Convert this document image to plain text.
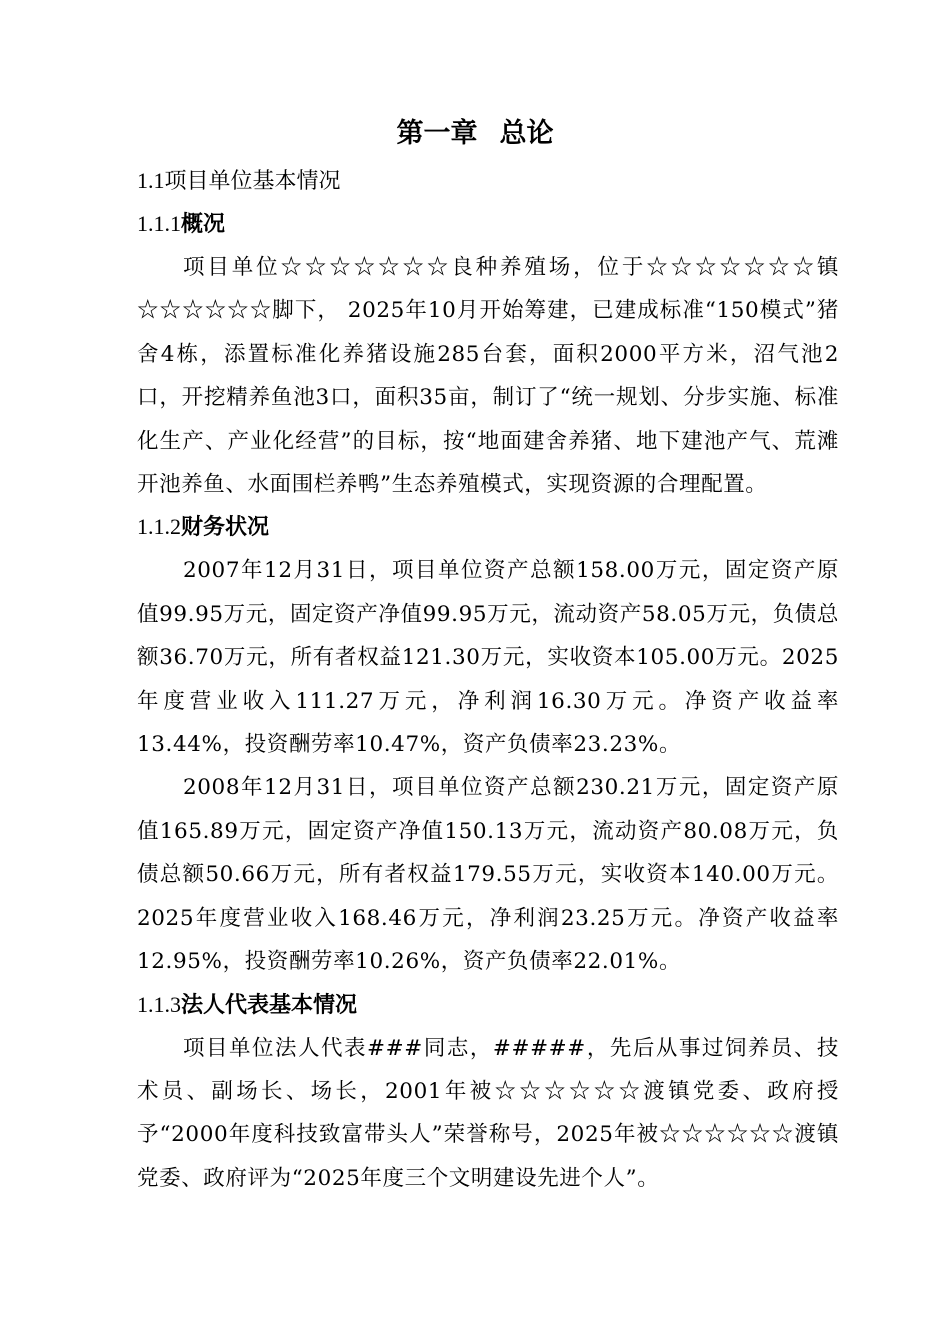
第一章 总论
1.1项目单位基本情况
1.1.1概况

项目单位☆☆☆☆☆☆☆良种养殖场，位于☆☆☆☆☆☆☆镇☆☆☆☆☆☆脚下， 2025年10月开始筹建，已建成标准“150模式”猪舍4栋，添置标准化养猪设施285台套，面积2000平方米，沼气池2口，开挖精养鱼池3口，面积35亩，制订了“统一规划、分步实施、标准化生产、产业化经营”的目标，按“地面建舍养猪、地下建池产气、荒滩开池养鱼、水面围栏养鸭”生态养殖模式，实现资源的合理配置。

1.1.2财务状况

2007年12月31日，项目单位资产总额158.00万元，固定资产原值99.95万元，固定资产净值99.95万元，流动资产58.05万元，负债总额36.70万元，所有者权益121.30万元，实收资本105.00万元。2025年度营业收入111.27万元，净利润16.30万元。净资产收益率13.44%，投资酬劳率10.47%，资产负债率23.23%。

2008年12月31日，项目单位资产总额230.21万元，固定资产原值165.89万元，固定资产净值150.13万元，流动资产80.08万元，负债总额50.66万元，所有者权益179.55万元，实收资本140.00万元。2025年度营业收入168.46万元，净利润23.25万元。净资产收益率12.95%，投资酬劳率10.26%，资产负债率22.01%。

1.1.3法人代表基本情况

项目单位法人代表###同志，#####，先后从事过饲养员、技术员、副场长、场长，2001年被☆☆☆☆☆☆渡镇党委、政府授予“2000年度科技致富带头人”荣誉称号，2025年被☆☆☆☆☆☆渡镇党委、政府评为“2025年度三个文明建设先进个人”。
